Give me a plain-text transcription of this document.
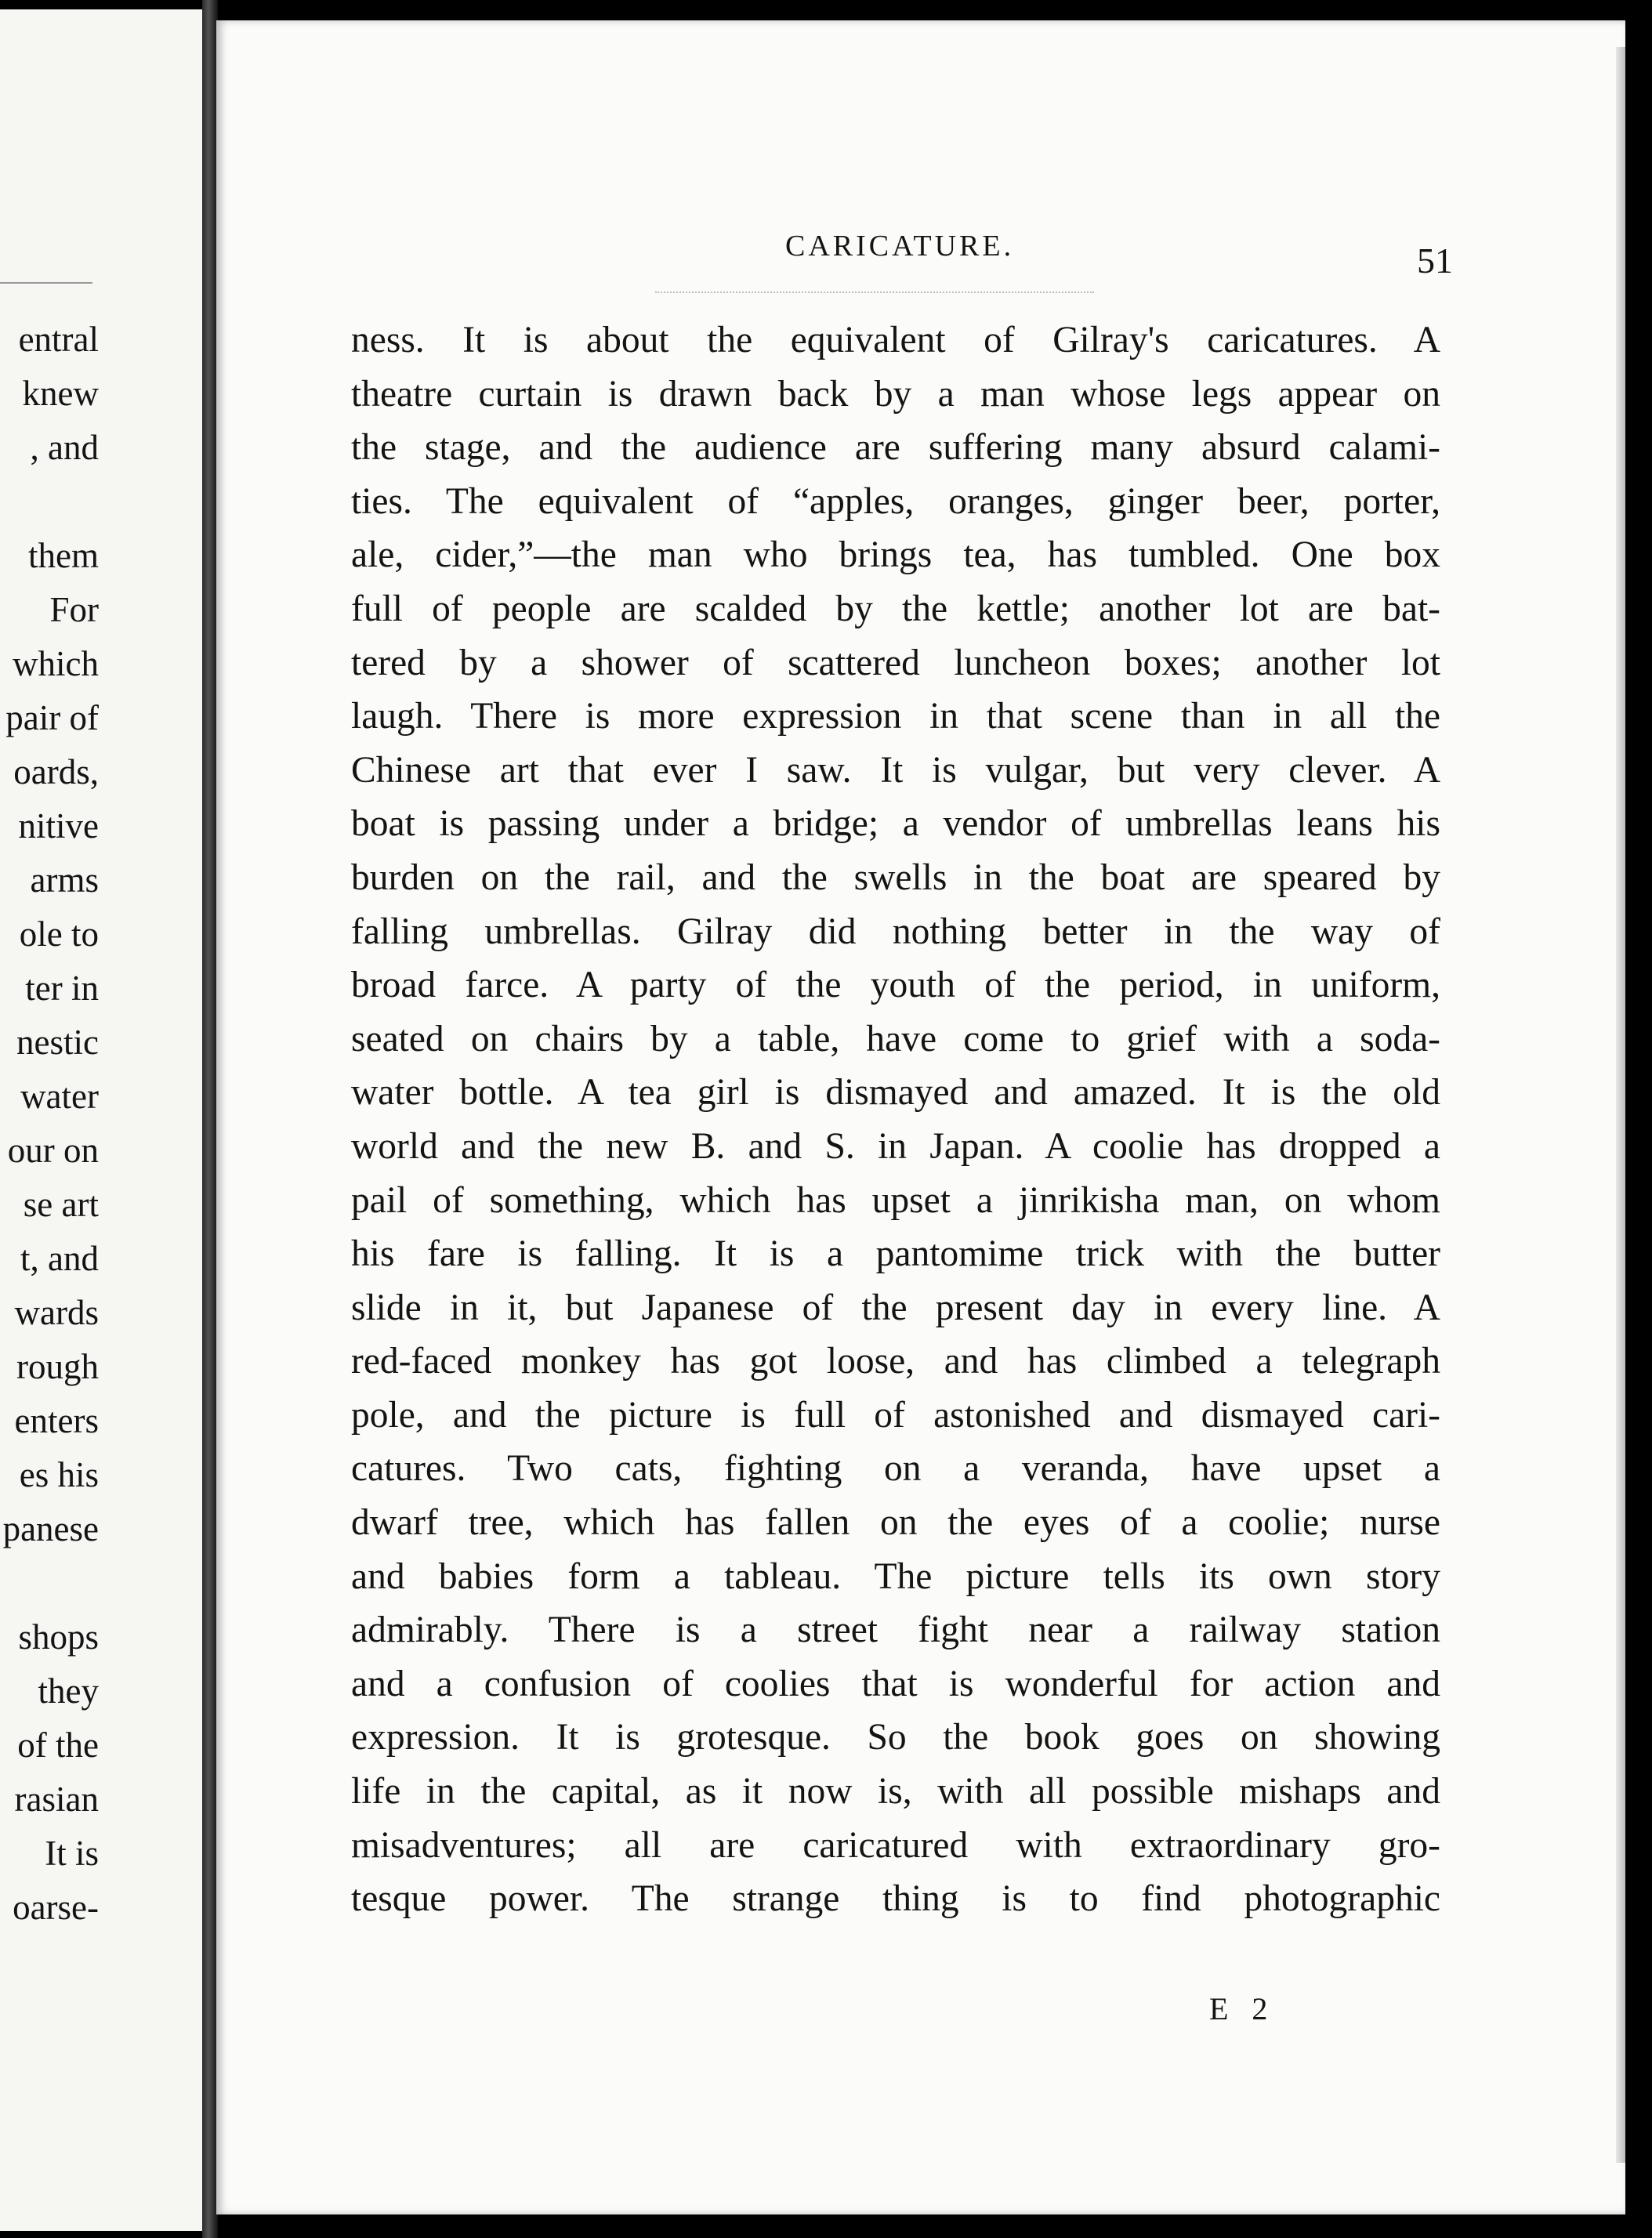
entral
knew
, and
them
For
which
pair of
oards,
nitive
arms
ole to
ter in
nestic
water
our on
se art
t, and
wards
rough
enters
es his
panese
shops
they
of the
rasian
It is
oarse-
CARICATURE.	51
ness. It is about the equivalent of Gilray's caricatures. A
theatre curtain is drawn back by a man whose legs appear on
the stage, and the audience are suffering many absurd calami-
ties. The equivalent of “apples, oranges, ginger beer, porter,
ale, cider,”—the man who brings tea, has tumbled. One box
full of people are scalded by the kettle; another lot are bat-
tered by a shower of scattered luncheon boxes; another lot
laugh. There is more expression in that scene than in all the
Chinese art that ever I saw. It is vulgar, but very clever. A
boat is passing under a bridge; a vendor of umbrellas leans his
burden on the rail, and the swells in the boat are speared by
falling umbrellas. Gilray did nothing better in the way of
broad farce. A party of the youth of the period, in uniform,
seated on chairs by a table, have come to grief with a soda-
water bottle. A tea girl is dismayed and amazed. It is the old
world and the new B. and S. in Japan. A coolie has dropped a
pail of something, which has upset a jinrikisha man, on whom
his fare is falling. It is a pantomime trick with the butter
slide in it, but Japanese of the present day in every line. A
red-faced monkey has got loose, and has climbed a telegraph
pole, and the picture is full of astonished and dismayed cari-
catures. Two cats, fighting on a veranda, have upset a
dwarf tree, which has fallen on the eyes of a coolie; nurse
and babies form a tableau. The picture tells its own story
admirably. There is a street fight near a railway station
and a confusion of coolies that is wonderful for action and
expression. It is grotesque. So the book goes on showing
life in the capital, as it now is, with all possible mishaps and
misadventures; all are caricatured with extraordinary gro-
tesque power. The strange thing is to find photographic
E 2
